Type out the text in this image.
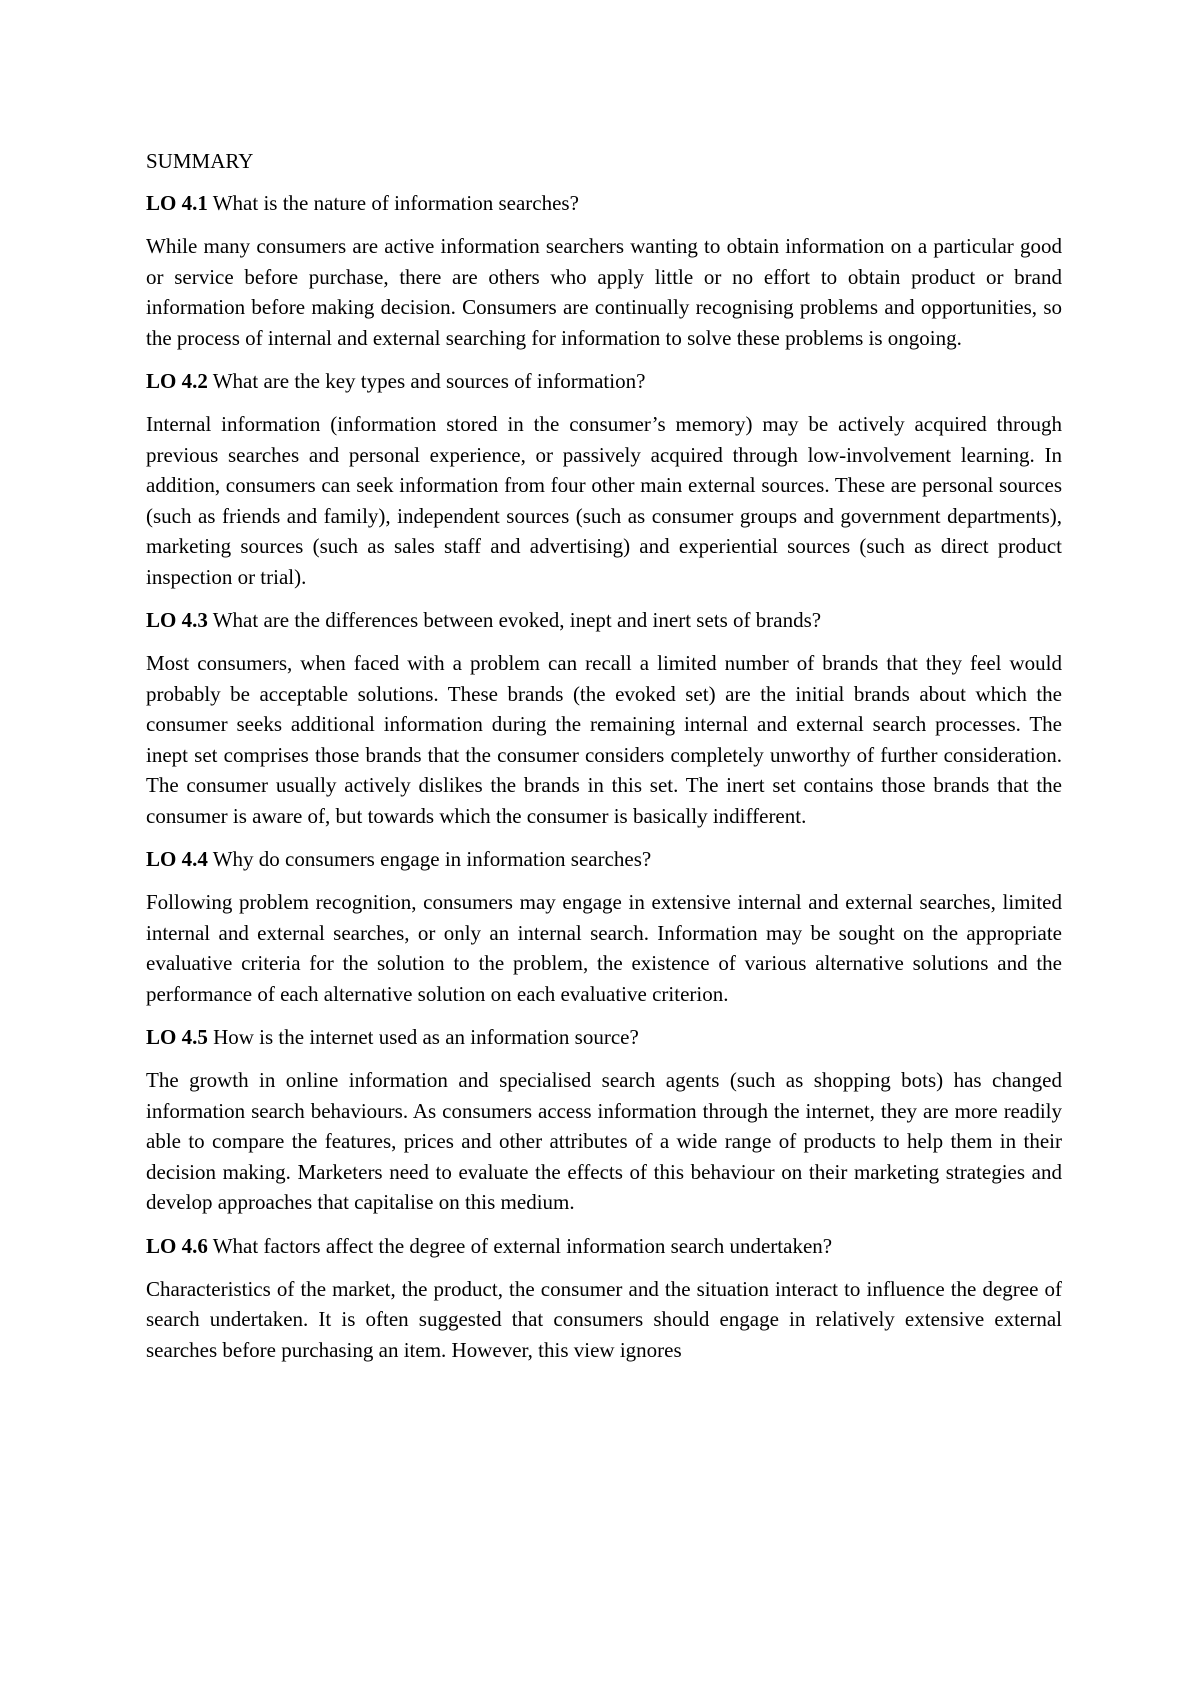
SUMMARY
LO 4.1 What is the nature of information searches?
While many consumers are active information searchers wanting to obtain information on a particular good or service before purchase, there are others who apply little or no effort to obtain product or brand information before making decision. Consumers are continually recognising problems and opportunities, so the process of internal and external searching for information to solve these problems is ongoing.
LO 4.2 What are the key types and sources of information?
Internal information (information stored in the consumer’s memory) may be actively acquired through previous searches and personal experience, or passively acquired through low-involvement learning. In addition, consumers can seek information from four other main external sources. These are personal sources (such as friends and family), independent sources (such as consumer groups and government departments), marketing sources (such as sales staff and advertising) and experiential sources (such as direct product inspection or trial).
LO 4.3 What are the differences between evoked, inept and inert sets of brands?
Most consumers, when faced with a problem can recall a limited number of brands that they feel would probably be acceptable solutions. These brands (the evoked set) are the initial brands about which the consumer seeks additional information during the remaining internal and external search processes. The inept set comprises those brands that the consumer considers completely unworthy of further consideration. The consumer usually actively dislikes the brands in this set. The inert set contains those brands that the consumer is aware of, but towards which the consumer is basically indifferent.
LO 4.4 Why do consumers engage in information searches?
Following problem recognition, consumers may engage in extensive internal and external searches, limited internal and external searches, or only an internal search. Information may be sought on the appropriate evaluative criteria for the solution to the problem, the existence of various alternative solutions and the performance of each alternative solution on each evaluative criterion.
LO 4.5 How is the internet used as an information source?
The growth in online information and specialised search agents (such as shopping bots) has changed information search behaviours. As consumers access information through the internet, they are more readily able to compare the features, prices and other attributes of a wide range of products to help them in their decision making. Marketers need to evaluate the effects of this behaviour on their marketing strategies and develop approaches that capitalise on this medium.
LO 4.6 What factors affect the degree of external information search undertaken?
Characteristics of the market, the product, the consumer and the situation interact to influence the degree of search undertaken. It is often suggested that consumers should engage in relatively extensive external searches before purchasing an item. However, this view ignores
